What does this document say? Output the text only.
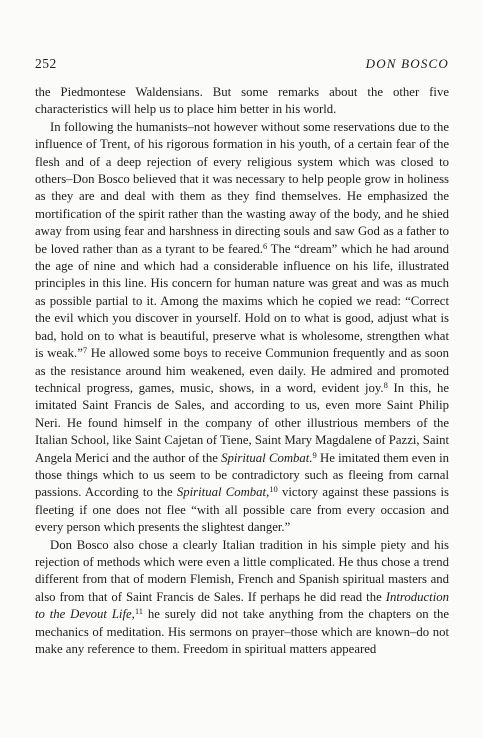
252	DON BOSCO

the Piedmontese Waldensians. But some remarks about the other five characteristics will help us to place him better in his world.

In following the humanists–not however without some reservations due to the influence of Trent, of his rigorous formation in his youth, of a certain fear of the flesh and of a deep rejection of every religious system which was closed to others–Don Bosco believed that it was necessary to help people grow in holiness as they are and deal with them as they find themselves. He emphasized the mortification of the spirit rather than the wasting away of the body, and he shied away from using fear and harshness in directing souls and saw God as a father to be loved rather than as a tyrant to be feared.$^6$ The “dream” which he had around the age of nine and which had a considerable influence on his life, illustrated principles in this line. His concern for human nature was great and was as much as possible partial to it. Among the maxims which he copied we read: “Correct the evil which you discover in yourself. Hold on to what is good, adjust what is bad, hold on to what is beautiful, preserve what is wholesome, strengthen what is weak.”$^7$ He allowed some boys to receive Communion frequently and as soon as the resistance around him weakened, even daily. He admired and promoted technical progress, games, music, shows, in a word, evident joy.$^8$ In this, he imitated Saint Francis de Sales, and according to us, even more Saint Philip Neri. He found himself in the company of other illustrious members of the Italian School, like Saint Cajetan of Tiene, Saint Mary Magdalene of Pazzi, Saint Angela Merici and the author of the Spiritual Combat.$^9$ He imitated them even in those things which to us seem to be contradictory such as fleeing from carnal passions. According to the Spiritual Combat,$^{10}$ victory against these passions is fleeting if one does not flee “with all possible care from every occasion and every person which presents the slightest danger.”

Don Bosco also chose a clearly Italian tradition in his simple piety and his rejection of methods which were even a little complicated. He thus chose a trend different from that of modern Flemish, French and Spanish spiritual masters and also from that of Saint Francis de Sales. If perhaps he did read the Introduction to the Devout Life,$^{11}$ he surely did not take anything from the chapters on the mechanics of meditation. His sermons on prayer–those which are known–do not make any reference to them. Freedom in spiritual matters appeared
